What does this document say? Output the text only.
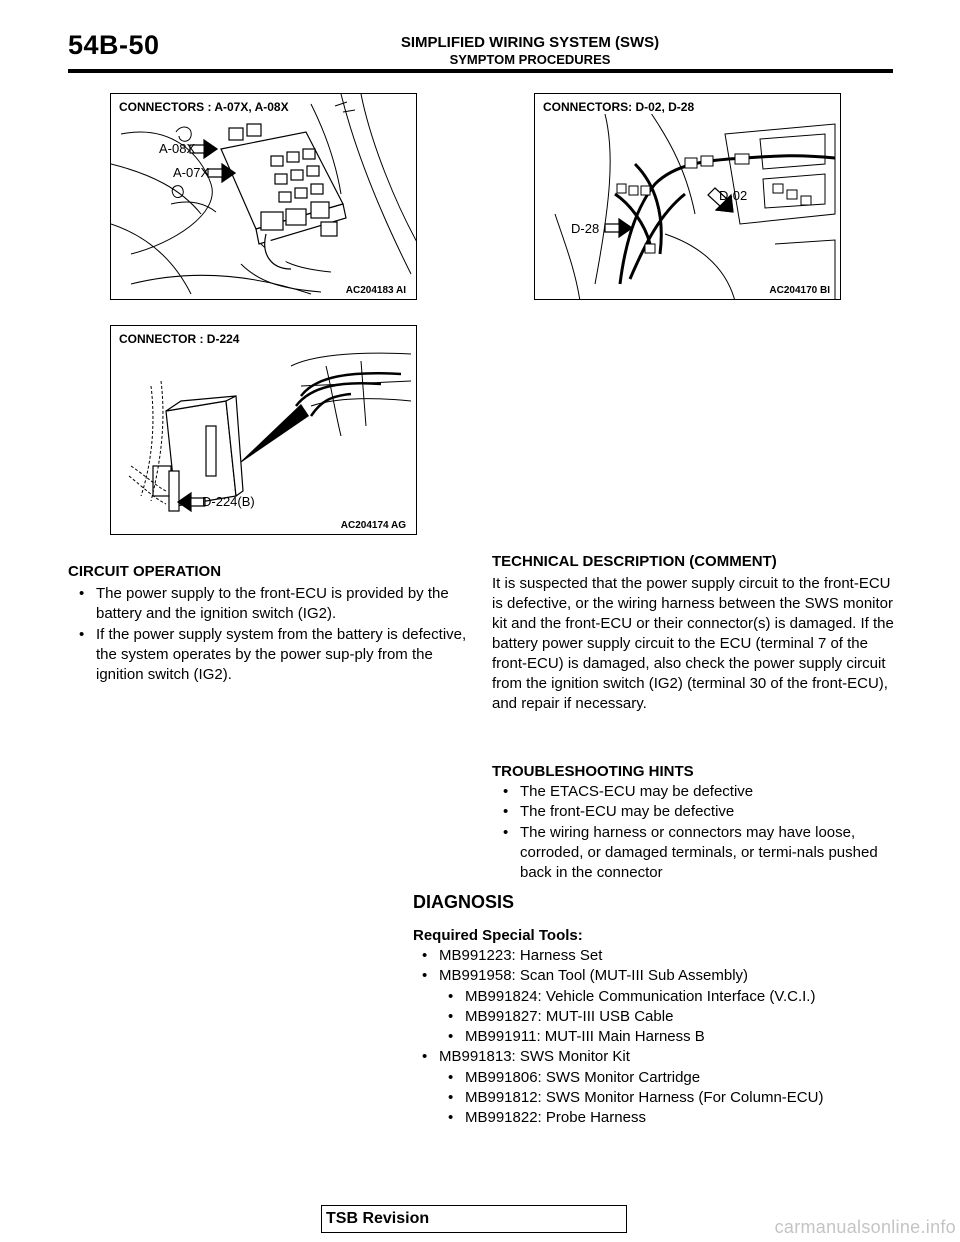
54B-50	SIMPLIFIED WIRING SYSTEM (SWS)
SYMPTOM PROCEDURES
CONNECTORS : A-07X, A-08X
A-08X
A-07X
AC204183 AI
CONNECTORS: D-02, D-28
D-02
D-28
AC204170 BI
CONNECTOR : D-224
D-224(B)
AC204174 AG
CIRCUIT OPERATION
• The power supply to the front-ECU is provided by the battery and the ignition switch (IG2).
• If the power supply system from the battery is defective, the system operates by the power sup-ply from the ignition switch (IG2).
TECHNICAL DESCRIPTION (COMMENT)
It is suspected that the power supply circuit to the front-ECU is defective, or the wiring harness between the SWS monitor kit and the front-ECU or their connector(s) is damaged. If the battery power supply circuit to the ECU (terminal 7 of the front-ECU) is damaged, also check the power supply circuit from the ignition switch (IG2) (terminal 30 of the front-ECU), and repair if necessary.
TROUBLESHOOTING HINTS
• The ETACS-ECU may be defective
• The front-ECU may be defective
• The wiring harness or connectors may have loose, corroded, or damaged terminals, or termi-nals pushed back in the connector
DIAGNOSIS
Required Special Tools:
• MB991223: Harness Set
• MB991958: Scan Tool (MUT-III Sub Assembly)
• MB991824: Vehicle Communication Interface (V.C.I.)
• MB991827: MUT-III USB Cable
• MB991911: MUT-III Main Harness B
• MB991813: SWS Monitor Kit
• MB991806: SWS Monitor Cartridge
• MB991812: SWS Monitor Harness (For Column-ECU)
• MB991822: Probe Harness
TSB Revision	carmanualsonline.info
